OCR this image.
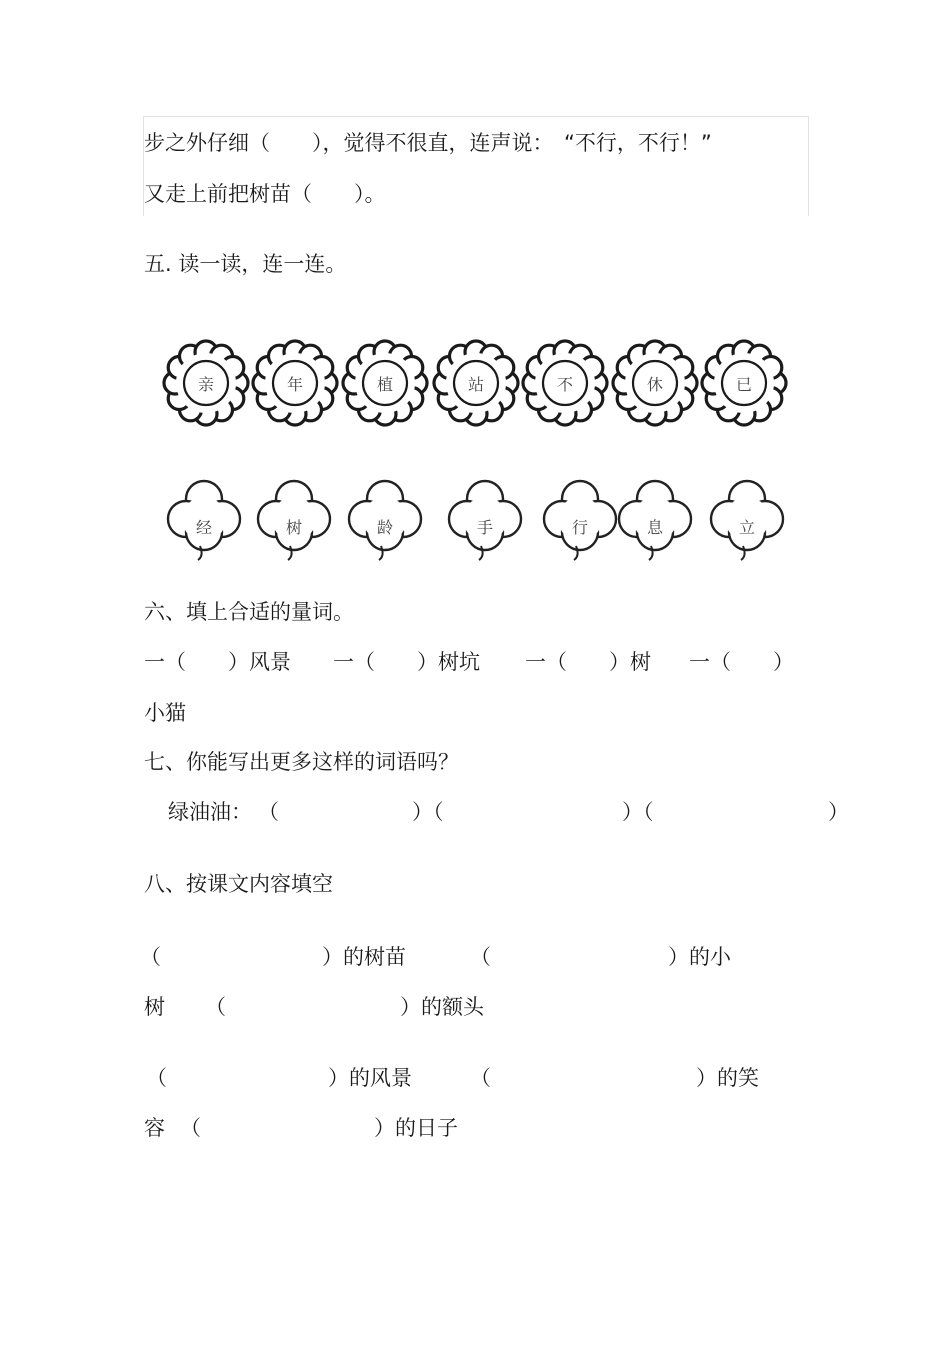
步之外仔细（　　），觉得不很直，连声说：　“不行，不行！”
又走上前把树苗（　　）。
五. 读一读，连一连。
亲	年	植	站	不	休	已
经	树	龄	手	行	息	立
六、填上合适的量词。
一（　　）风景 一（　　）树坑 一（　　）树 一（　　）
小猫
七、你能写出更多这样的词语吗？
绿油油： （	）（	）（	）
八、按课文内容填空
（	）的树苗	（	）的小
树 （	）的额头
（	）的风景	（	）的笑
容 （	）的日子
